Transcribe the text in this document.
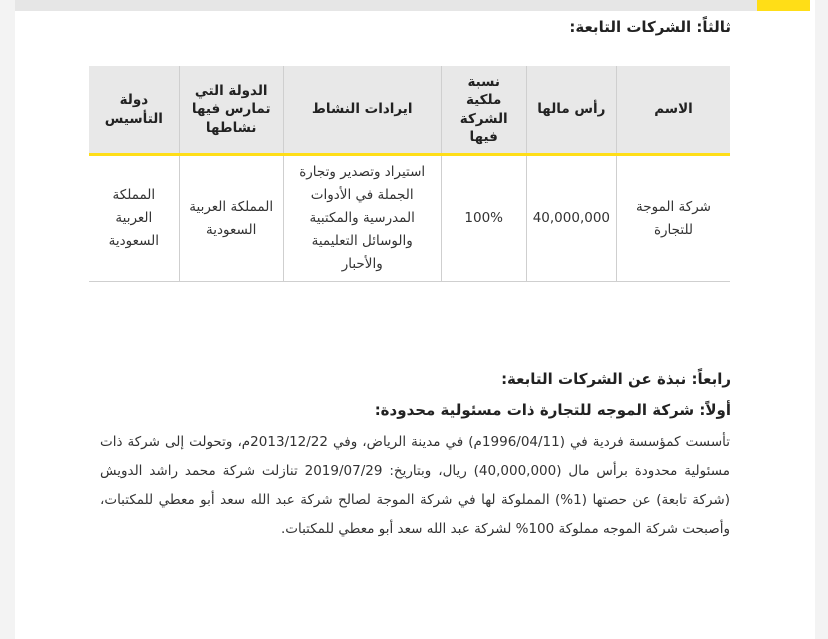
ثالثاً: الشركات التابعة:
الاسم	رأس مالها	نسبة ملكية الشركة فيها	ايرادات النشاط	الدولة التي تمارس فيها نشاطها	دولة التأسيس
شركة الموجة للتجارة	40,000,000	100%	استيراد وتصدير وتجارة الجملة في الأدوات المدرسية والمكتبية والوسائل التعليمية والأحبار	المملكة العربية السعودية	المملكة العربية السعودية
رابعاً: نبذة عن الشركات التابعة:
أولاً: شركة الموجه للتجارة ذات مسئولية محدودة:
تأسست كمؤسسة فردية في (1996/04/11م) في مدينة الرياض، وفي 2013/12/22م، وتحولت إلى شركة ذات مسئولية محدودة برأس مال (40,000,000) ريال، وبتاريخ: 2019/07/29 تنازلت شركة محمد راشد الدويش (شركة تابعة) عن حصتها (1%) المملوكة لها في شركة الموجة لصالح شركة عبد الله سعد أبو معطي للمكتبات، وأصبحت شركة الموجه مملوكة 100% لشركة عبد الله سعد أبو معطي للمكتبات.
